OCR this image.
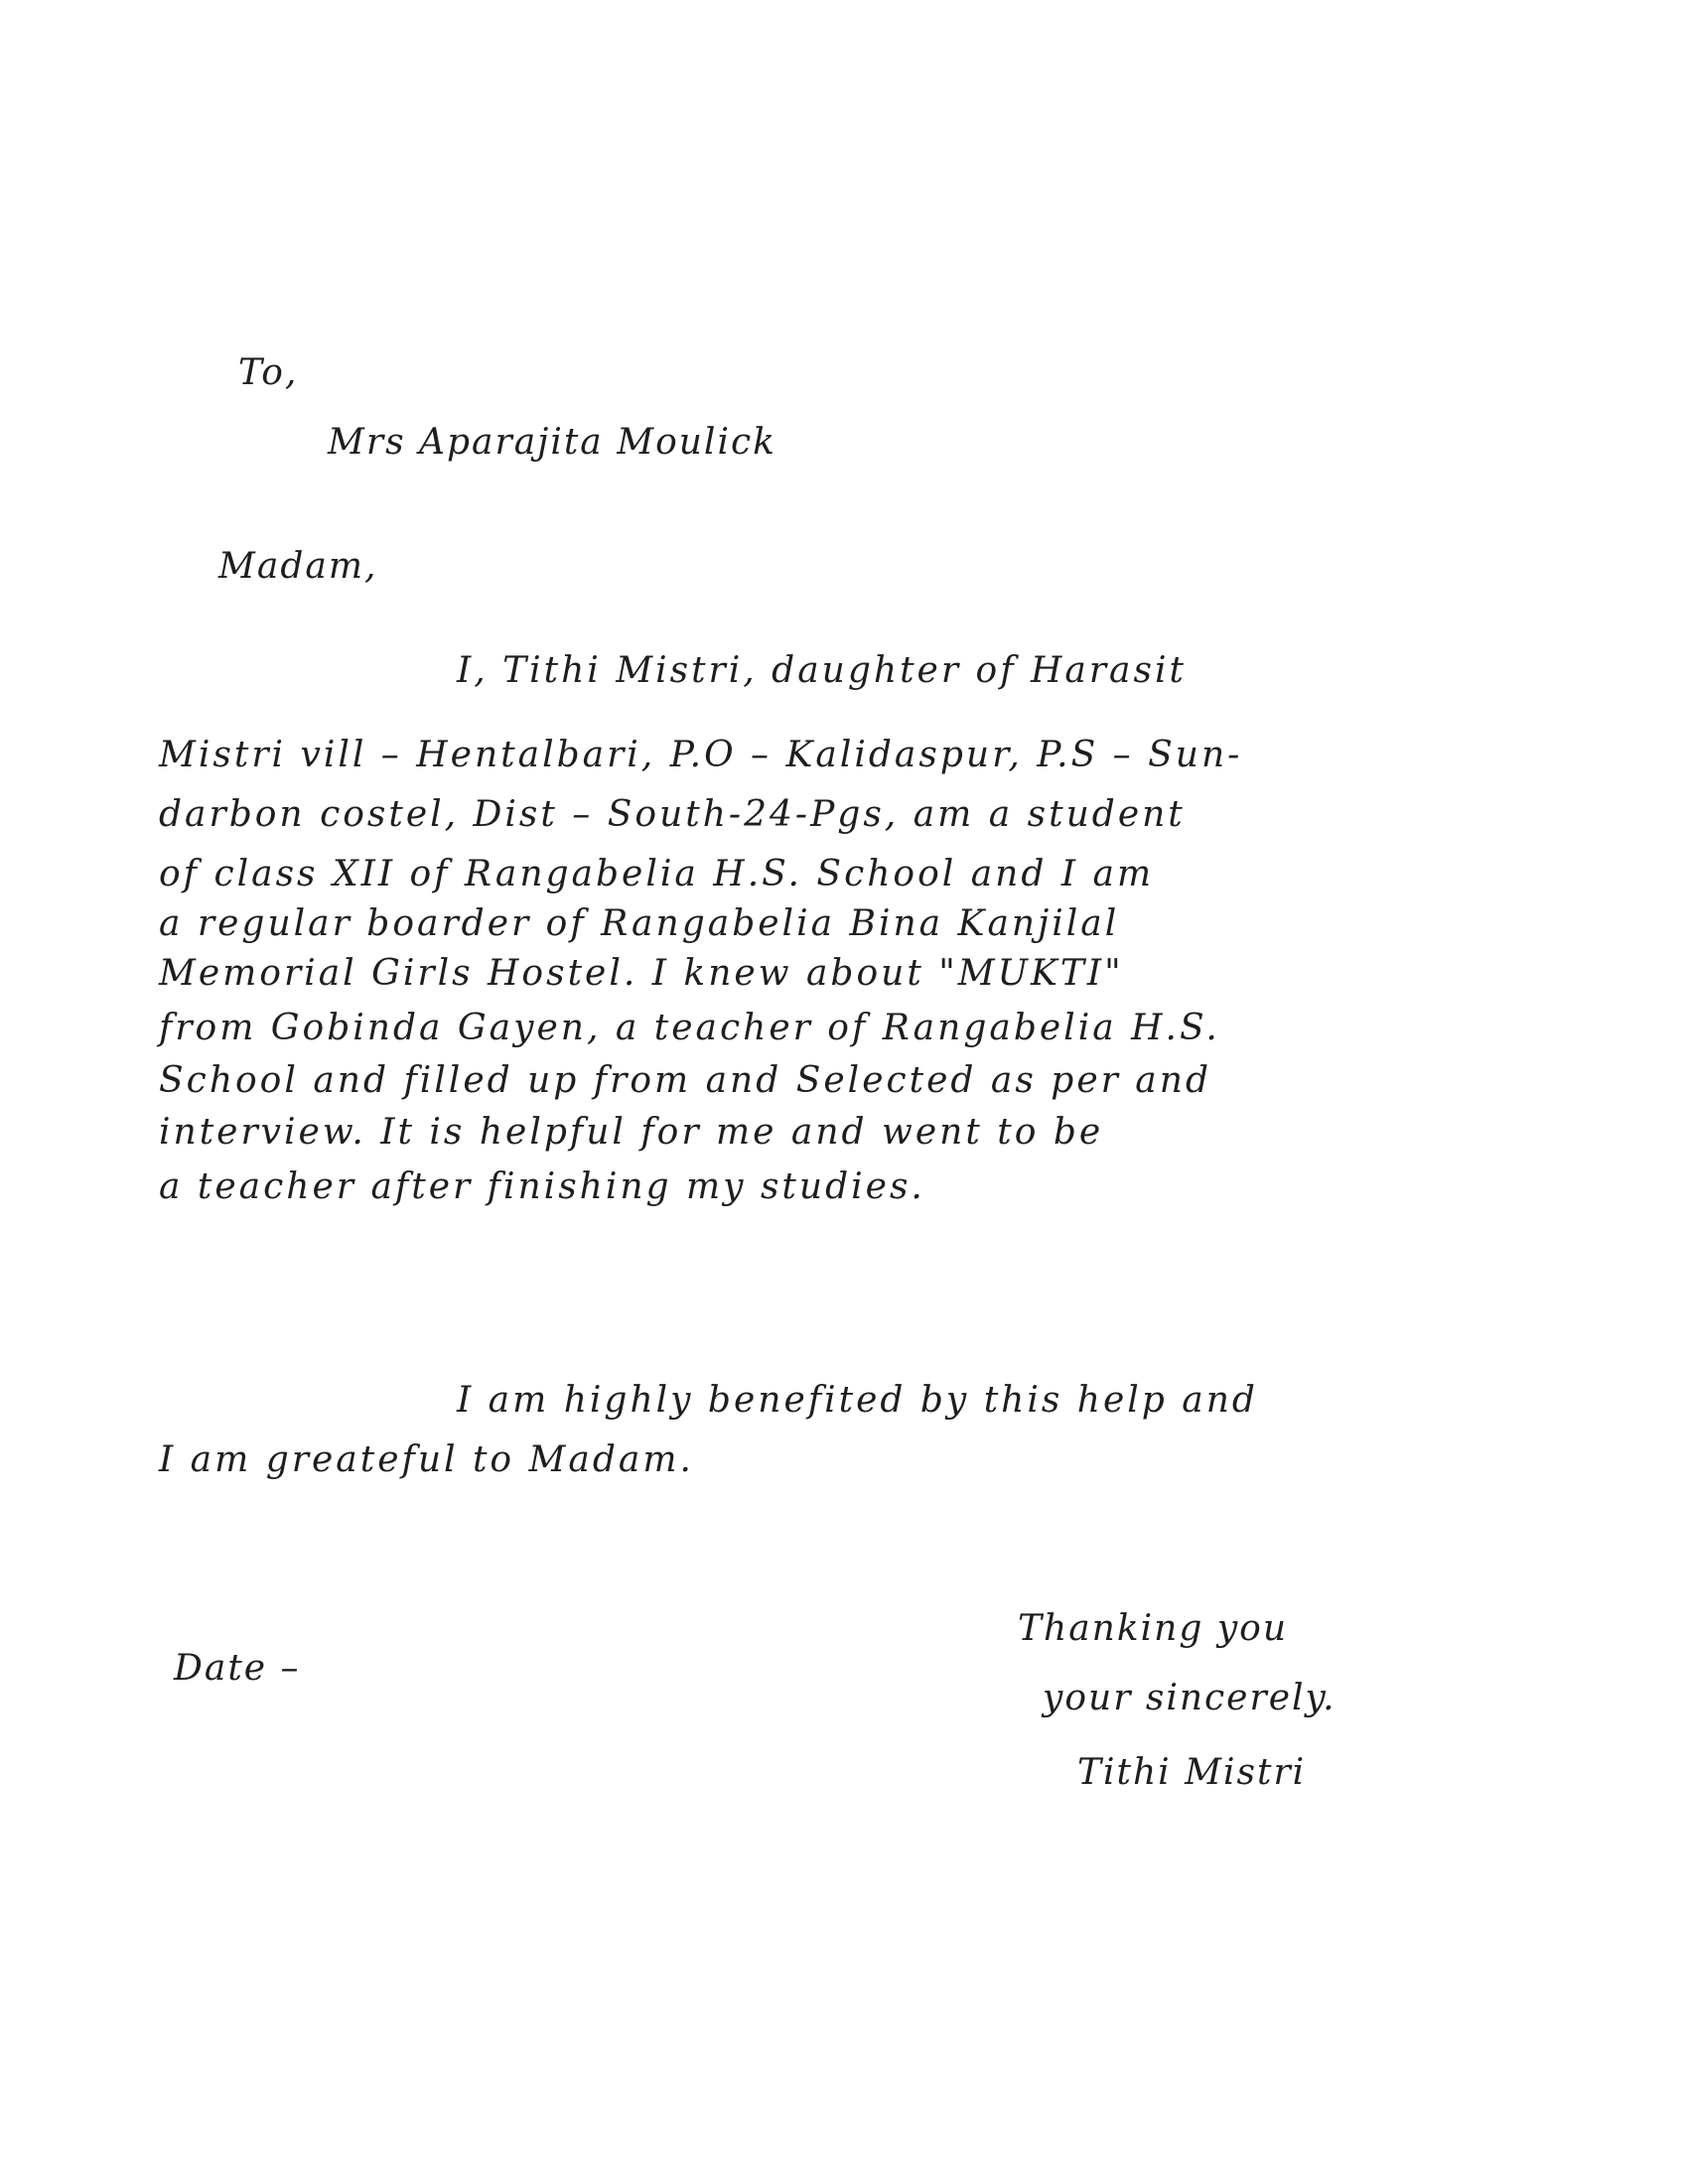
To,
Mrs Aparajita Moulick
Madam,
I, Tithi Mistri, daughter of Harasit
Mistri vill – Hentalbari, P.O – Kalidaspur, P.S – Sun-
darbon costel, Dist – South-24-Pgs, am a student
of class XII of Rangabelia H.S. School and I am
a regular boarder of Rangabelia Bina Kanjilal
Memorial Girls Hostel. I knew about "MUKTI"
from Gobinda Gayen, a teacher of Rangabelia H.S.
School and filled up from and Selected as per and
interview. It is helpful for me and went to be
a teacher after finishing my studies.
I am highly benefited by this help and
I am greateful to Madam.
Date –
Thanking you
your sincerely.
Tithi Mistri
